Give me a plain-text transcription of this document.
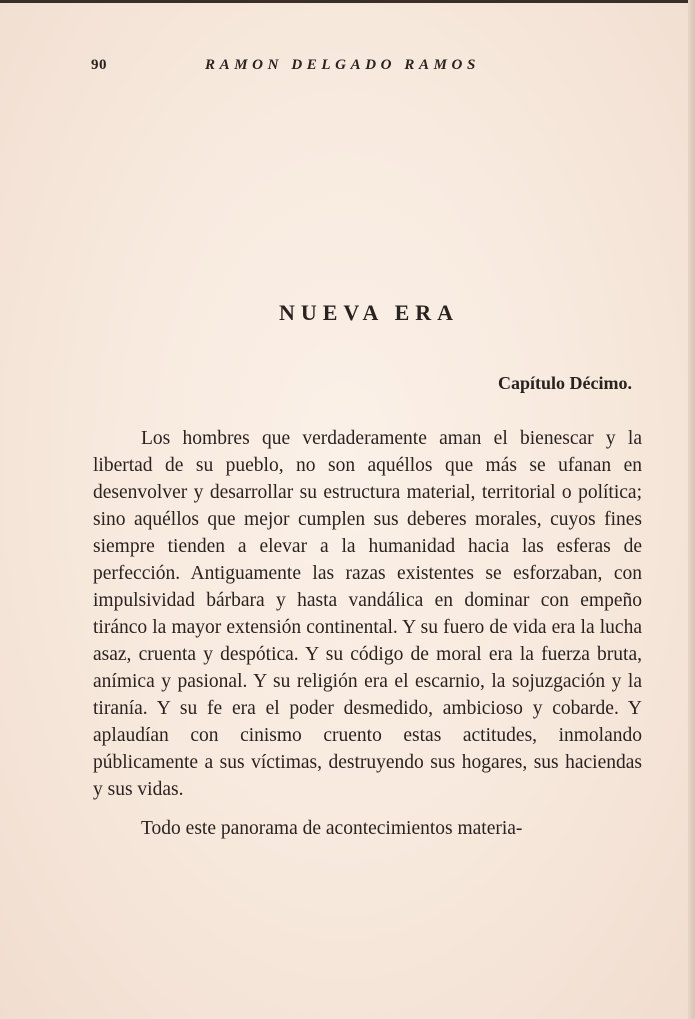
90	RAMON DELGADO RAMOS
NUEVA ERA
Capítulo Décimo.

Los hombres que verdaderamente aman el bienescar y la libertad de su pueblo, no son aquéllos que más se ufanan en desenvolver y desarrollar su estructura material, territorial o política; sino aquéllos que mejor cumplen sus deberes morales, cuyos fines siempre tienden a elevar a la humanidad hacia las esferas de perfección. Antiguamente las razas existentes se esforzaban, con impulsividad bárbara y hasta vandálica en dominar con empeño tiránco la mayor extensión continental. Y su fuero de vida era la lucha asaz, cruenta y despótica. Y su código de moral era la fuerza bruta, anímica y pasional. Y su religión era el escarnio, la sojuzgación y la tiranía. Y su fe era el poder desmedido, ambicioso y cobarde. Y aplaudían con cinismo cruento estas actitudes, inmolando públicamente a sus víctimas, destruyendo sus hogares, sus haciendas y sus vidas.

Todo este panorama de acontecimientos materia-
